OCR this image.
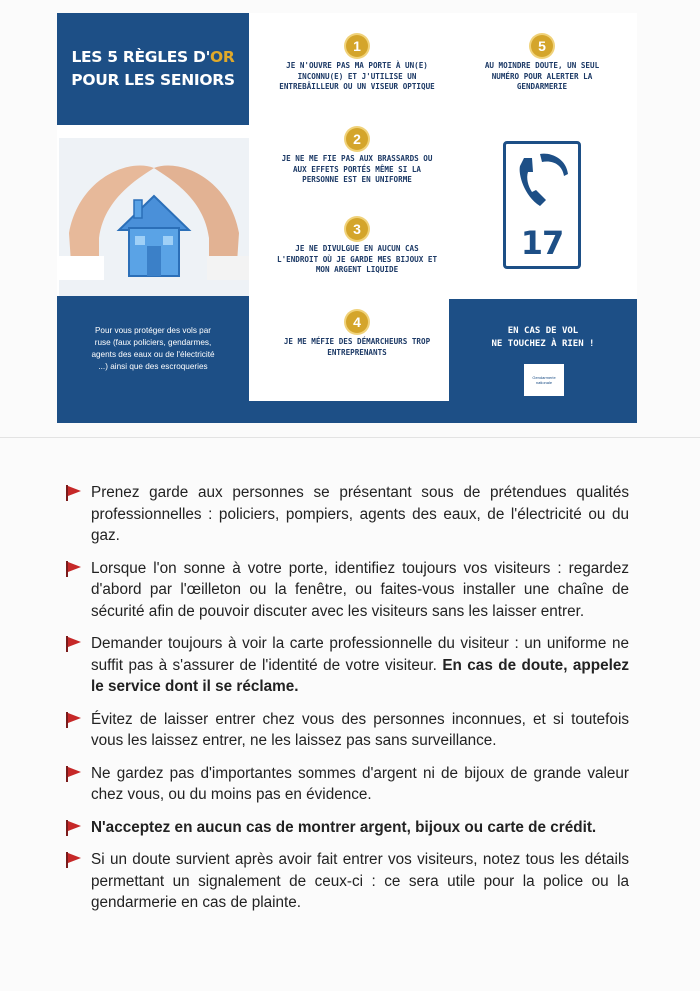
LES 5 RÈGLES D'OR
POUR LES SENIORS
Pour vous protéger des vols par ruse (faux policiers, gendarmes, agents des eaux ou de l'électricité ...) ainsi que des escroqueries
1
JE N'OUVRE PAS MA PORTE À UN(E) INCONNU(E) ET J'UTILISE UN ENTREBÂILLEUR OU UN VISEUR OPTIQUE
2
JE NE ME FIE PAS AUX BRASSARDS OU AUX EFFETS PORTÉS MÊME SI LA PERSONNE EST EN UNIFORME
3
JE NE DIVULGUE EN AUCUN CAS L'ENDROIT OÙ JE GARDE MES BIJOUX ET MON ARGENT LIQUIDE
4
JE ME MÉFIE DES DÉMARCHEURS TROP ENTREPRENANTS
5
AU MOINDRE DOUTE, UN SEUL NUMÉRO POUR ALERTER LA GENDARMERIE
17
EN CAS DE VOL
NE TOUCHEZ À RIEN !
Gendarmerie nationale
Prenez garde aux personnes se présentant sous de prétendues qualités professionnelles : policiers, pompiers, agents des eaux, de l'électricité ou du gaz.
Lorsque l'on sonne à votre porte, identifiez toujours vos visiteurs : regardez d'abord par l'œilleton ou la fenêtre, ou faites-vous installer une chaîne de sécurité afin de pouvoir discuter avec les visiteurs sans les laisser entrer.
Demander toujours à voir la carte professionnelle du visiteur : un uniforme ne suffit pas à s'assurer de l'identité de votre visiteur. En cas de doute, appelez le service dont il se réclame.
Évitez de laisser entrer chez vous des personnes inconnues, et si toutefois vous les laissez entrer, ne les laissez pas sans surveillance.
Ne gardez pas d'importantes sommes d'argent ni de bijoux de grande valeur chez vous, ou du moins pas en évidence.
N'acceptez en aucun cas de montrer argent, bijoux ou carte de crédit.
Si un doute survient après avoir fait entrer vos visiteurs, notez tous les détails permettant un signalement de ceux-ci : ce sera utile pour la police ou la gendarmerie en cas de plainte.
